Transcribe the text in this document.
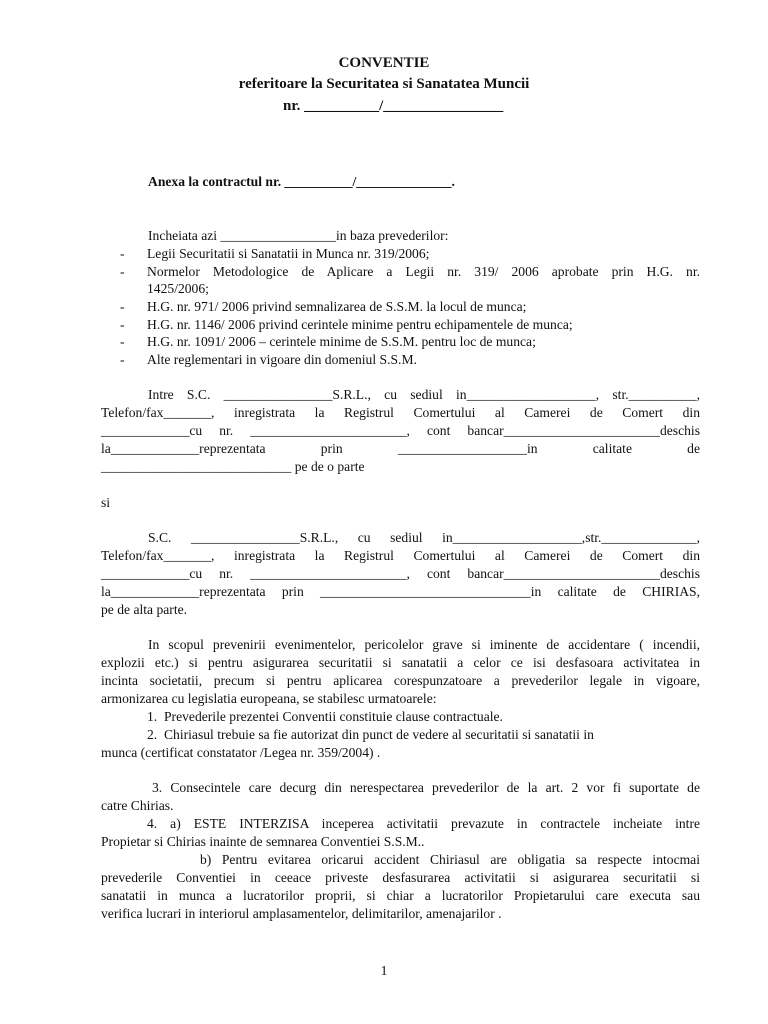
CONVENTIE
referitoare la Securitatea si Sanatatea Muncii
nr. __________/________________
Anexa la contractul nr. __________/______________.
Incheiata azi _________________in baza prevederilor:
- Legii Securitatii si Sanatatii in Munca nr. 319/2006;
- Normelor Metodologice de Aplicare a Legii nr. 319/ 2006 aprobate prin H.G. nr.
1425/2006;
- H.G. nr. 971/ 2006 privind semnalizarea de S.S.M. la locul de munca;
- H.G. nr. 1146/ 2006 privind cerintele minime pentru echipamentele de munca;
- H.G. nr. 1091/ 2006 – cerintele minime de S.S.M. pentru loc de munca;
- Alte reglementari in vigoare din domeniul S.S.M.
Intre S.C. ________________S.R.L., cu sediul in___________________, str.__________,
Telefon/fax_______, inregistrata la Registrul Comertului al Camerei de Comert din
_____________cu nr. _______________________, cont bancar_______________________deschis
la_____________reprezentata prin ___________________in calitate de
____________________________ pe de o parte
si
S.C. ________________S.R.L., cu sediul in___________________,str.______________,
Telefon/fax_______, inregistrata la Registrul Comertului al Camerei de Comert din
_____________cu nr. _______________________, cont bancar_______________________deschis
la_____________reprezentata prin _______________________________in calitate de CHIRIAS,
pe de alta parte.
In scopul prevenirii evenimentelor, pericolelor grave si iminente de accidentare ( incendii,
explozii etc.) si pentru asigurarea securitatii si sanatatii a celor ce isi desfasoara activitatea in
incinta societatii, precum si pentru aplicarea corespunzatoare a prevederilor legale in vigoare,
armonizarea cu legislatia europeana, se stabilesc urmatoarele:
1.  Prevederile prezentei Conventii constituie clause contractuale.
2.  Chiriasul trebuie sa fie autorizat din punct de vedere al securitatii si sanatatii in
munca (certificat constatator /Legea nr. 359/2004) .
3. Consecintele care decurg din nerespectarea prevederilor de la art. 2 vor fi suportate de
catre Chirias.
4. a) ESTE INTERZISA inceperea activitatii prevazute in contractele incheiate intre
Propietar si Chirias inainte de semnarea Conventiei S.S.M..
b) Pentru evitarea oricarui accident Chiriasul are obligatia sa respecte intocmai
prevederile Conventiei in ceeace priveste desfasurarea activitatii si asigurarea securitatii si
sanatatii in munca a lucratorilor proprii, si chiar a lucratorilor Propietarului care executa sau
verifica lucrari in interiorul amplasamentelor, delimitarilor, amenajarilor .
1
